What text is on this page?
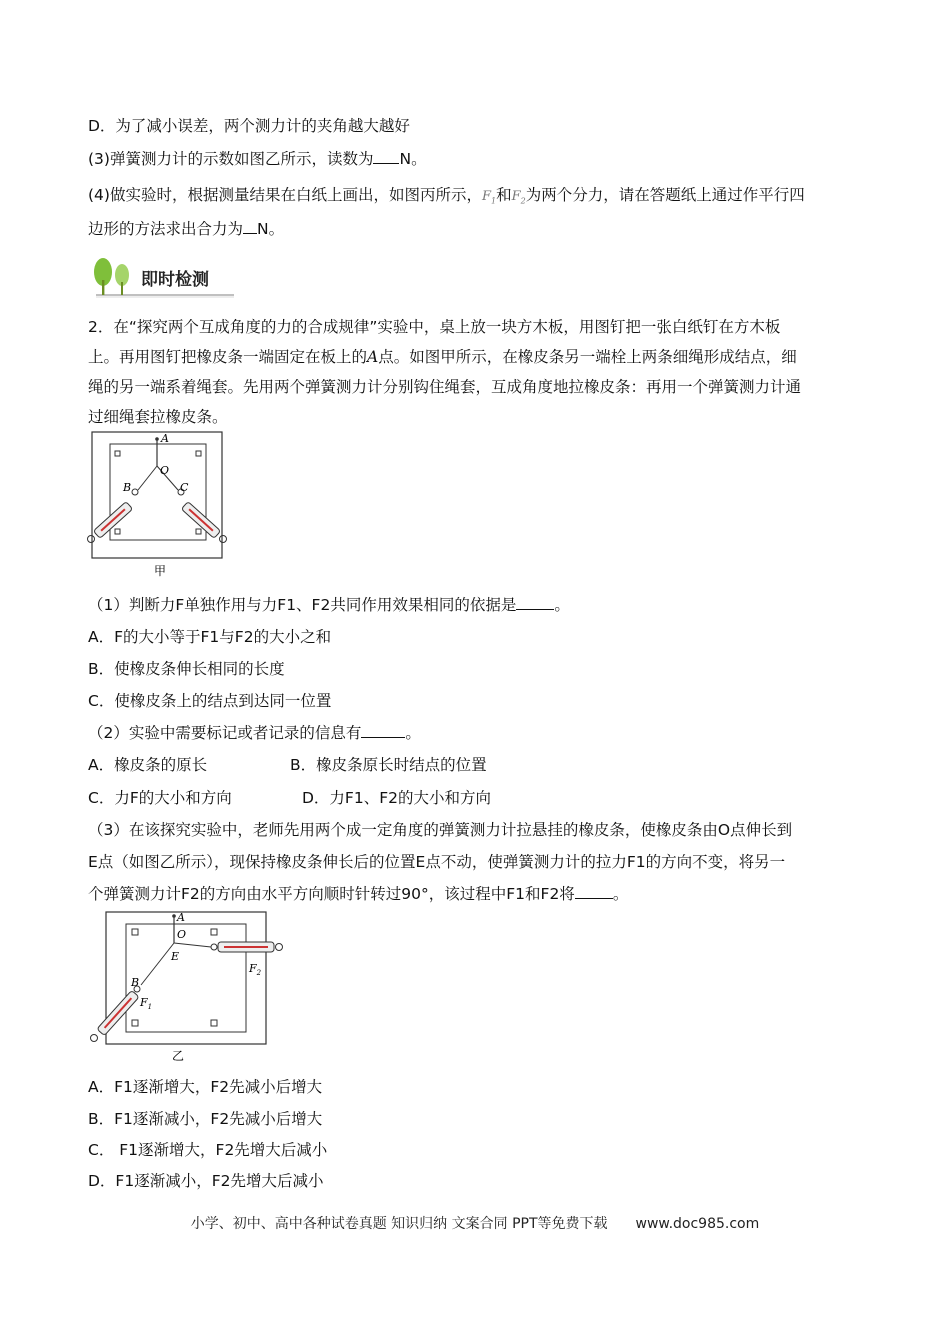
D．为了减小误差，两个测力计的夹角越大越好
(3)弹簧测力计的示数如图乙所示，读数为 N。
(4)做实验时，根据测量结果在白纸上画出，如图丙所示，$F_1$和$F_2$为两个分力，请在答题纸上通过作平行四
边形的方法求出合力为 N。
即时检测
2．在“探究两个互成角度的力的合成规律”实验中，桌上放一块方木板，用图钉把一张白纸钉在方木板
上。再用图钉把橡皮条一端固定在板上的A点。如图甲所示，在橡皮条另一端栓上两条细绳形成结点，细
绳的另一端系着绳套。先用两个弹簧测力计分别钩住绳套，互成角度地拉橡皮条：再用一个弹簧测力计通
过细绳套拉橡皮条。
A
O
B	C
甲
（1）判断力F单独作用与力F1、F2共同作用效果相同的依据是 。
A．F的大小等于F1与F2的大小之和
B．使橡皮条伸长相同的长度
C．使橡皮条上的结点到达同一位置
（2）实验中需要标记或者记录的信息有	。
A．橡皮条的原长	B．橡皮条原长时结点的位置
C．力F的大小和方向	D．力F1、F2的大小和方向
（3）在该探究实验中，老师先用两个成一定角度的弹簧测力计拉悬挂的橡皮条，使橡皮条由O点伸长到
E点（如图乙所示），现保持橡皮条伸长后的位置E点不动，使弹簧测力计的拉力F1的方向不变，将另一
个弹簧测力计F2的方向由水平方向顺时针转过90°，该过程中F1和F2将 。
A
O
E
B
$F_1$
$F_2$
乙
A．F1逐渐增大，F2先减小后增大
B．F1逐渐减小，F2先减小后增大
C． F1逐渐增大，F2先增大后减小
D．F1逐渐减小，F2先增大后减小
小学、初中、高中各种试卷真题 知识归纳 文案合同 PPT等免费下载 www.doc985.com
